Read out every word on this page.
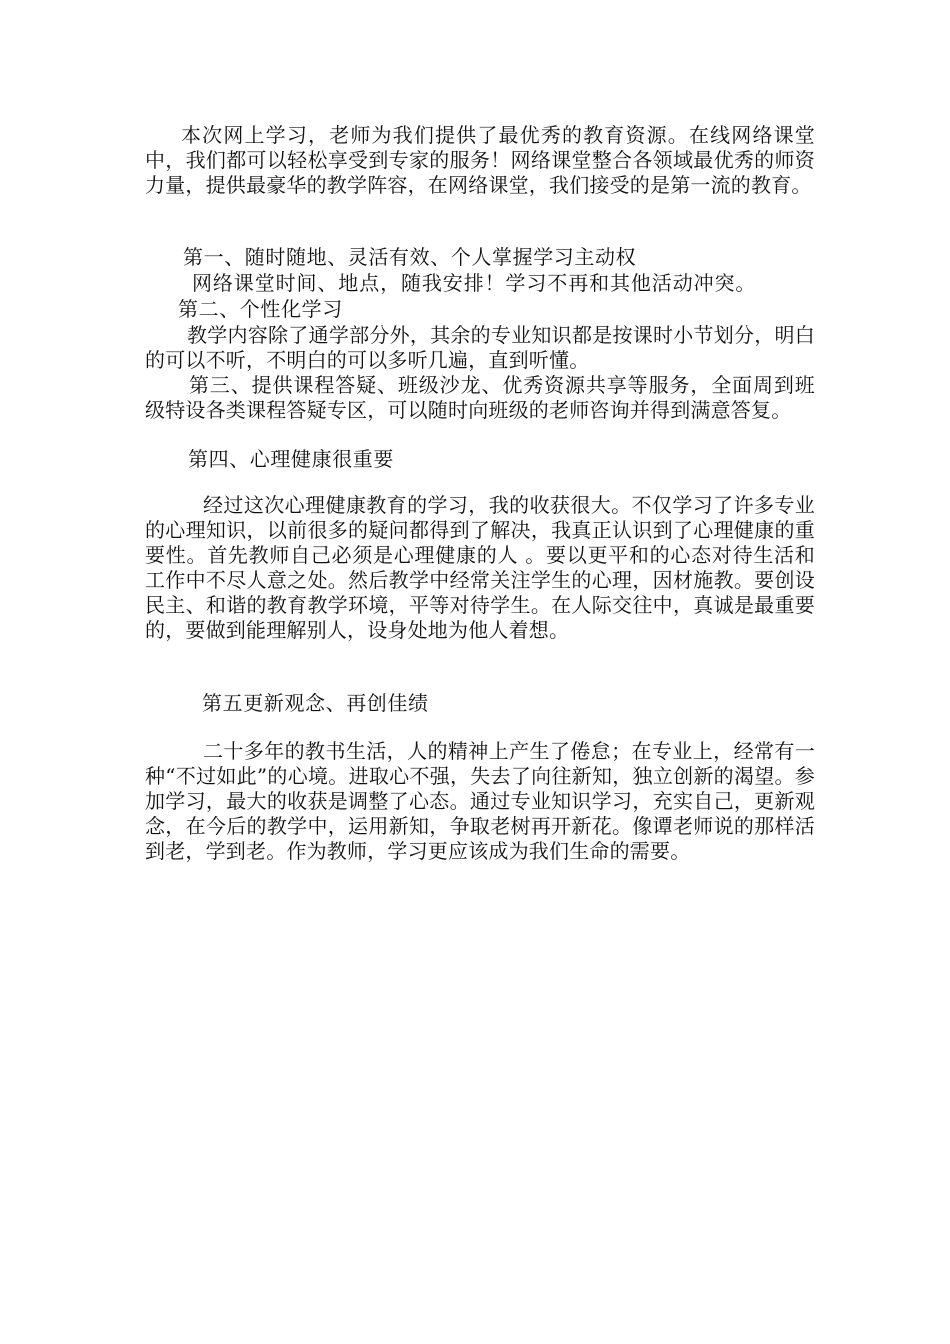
本次网上学习，老师为我们提供了最优秀的教育资源。在线网络课堂中，我们都可以轻松享受到专家的服务！网络课堂整合各领域最优秀的师资力量，提供最豪华的教学阵容，在网络课堂，我们接受的是第一流的教育。

第一、随时随地、灵活有效、个人掌握学习主动权

网络课堂时间、地点，随我安排！学习不再和其他活动冲突。

第二、个性化学习

教学内容除了通学部分外，其余的专业知识都是按课时小节划分，明白的可以不听，不明白的可以多听几遍，直到听懂。

第三、提供课程答疑、班级沙龙、优秀资源共享等服务，全面周到班级特设各类课程答疑专区，可以随时向班级的老师咨询并得到满意答复。

第四、心理健康很重要

经过这次心理健康教育的学习，我的收获很大。不仅学习了许多专业的心理知识，以前很多的疑问都得到了解决，我真正认识到了心理健康的重要性。首先教师自己必须是心理健康的人 。要以更平和的心态对待生活和工作中不尽人意之处。然后教学中经常关注学生的心理，因材施教。要创设民主、和谐的教育教学环境，平等对待学生。在人际交往中，真诚是最重要的，要做到能理解别人，设身处地为他人着想。

第五更新观念、再创佳绩

二十多年的教书生活，人的精神上产生了倦怠；在专业上，经常有一种“不过如此”的心境。进取心不强，失去了向往新知，独立创新的渴望。参加学习，最大的收获是调整了心态。通过专业知识学习，充实自己，更新观念，在今后的教学中，运用新知，争取老树再开新花。像谭老师说的那样活到老，学到老。作为教师，学习更应该成为我们生命的需要。
